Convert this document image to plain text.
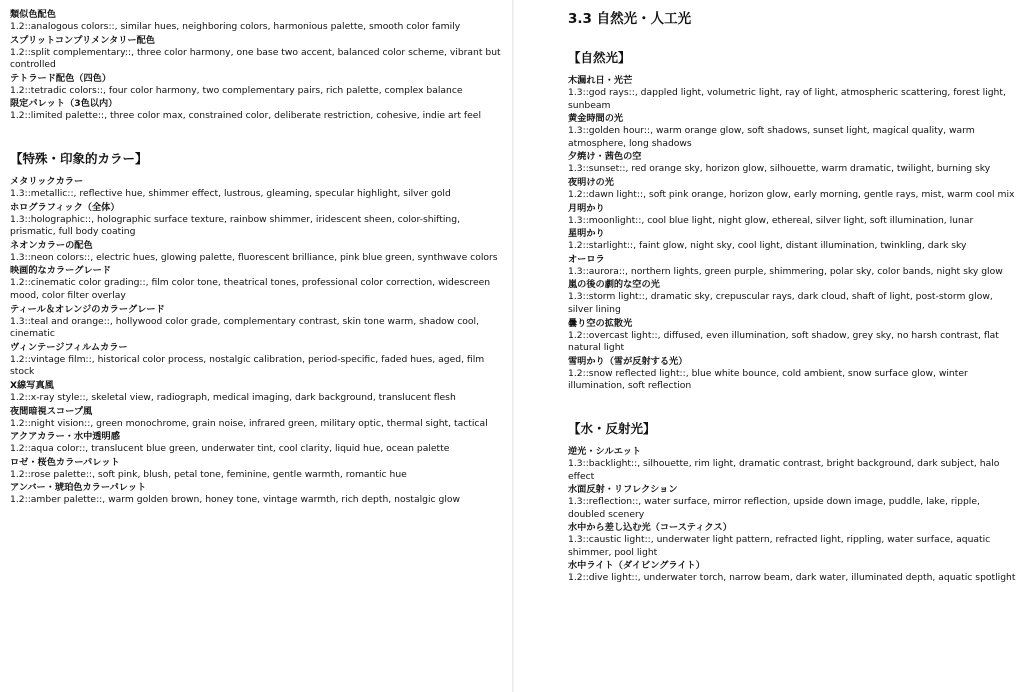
類似色配色
1.2::analogous colors::, similar hues, neighboring colors, harmonious palette, smooth color family
スプリットコンプリメンタリー配色
1.2::split complementary::, three color harmony, one base two accent, balanced color scheme, vibrant but controlled
テトラード配色（四色）
1.2::tetradic colors::, four color harmony, two complementary pairs, rich palette, complex balance
限定パレット（3色以内）
1.2::limited palette::, three color max, constrained color, deliberate restriction, cohesive, indie art feel
【特殊・印象的カラー】
メタリックカラー
1.3::metallic::, reflective hue, shimmer effect, lustrous, gleaming, specular highlight, silver gold
ホログラフィック（全体）
1.3::holographic::, holographic surface texture, rainbow shimmer, iridescent sheen, color-shifting, prismatic, full body coating
ネオンカラーの配色
1.3::neon colors::, electric hues, glowing palette, fluorescent brilliance, pink blue green, synthwave colors
映画的なカラーグレード
1.2::cinematic color grading::, film color tone, theatrical tones, professional color correction, widescreen mood, color filter overlay
ティール＆オレンジのカラーグレード
1.3::teal and orange::, hollywood color grade, complementary contrast, skin tone warm, shadow cool, cinematic
ヴィンテージフィルムカラー
1.2::vintage film::, historical color process, nostalgic calibration, period-specific, faded hues, aged, film stock
X線写真風
1.2::x-ray style::, skeletal view, radiograph, medical imaging, dark background, translucent flesh
夜間暗視スコープ風
1.2::night vision::, green monochrome, grain noise, infrared green, military optic, thermal sight, tactical
アクアカラー・水中透明感
1.2::aqua color::, translucent blue green, underwater tint, cool clarity, liquid hue, ocean palette
ロゼ・桜色カラーパレット
1.2::rose palette::, soft pink, blush, petal tone, feminine, gentle warmth, romantic hue
アンバー・琥珀色カラーパレット
1.2::amber palette::, warm golden brown, honey tone, vintage warmth, rich depth, nostalgic glow
3.3 自然光・人工光
【自然光】
木漏れ日・光芒
1.3::god rays::, dappled light, volumetric light, ray of light, atmospheric scattering, forest light, sunbeam
黄金時間の光
1.3::golden hour::, warm orange glow, soft shadows, sunset light, magical quality, warm atmosphere, long shadows
夕焼け・茜色の空
1.3::sunset::, red orange sky, horizon glow, silhouette, warm dramatic, twilight, burning sky
夜明けの光
1.2::dawn light::, soft pink orange, horizon glow, early morning, gentle rays, mist, warm cool mix
月明かり
1.3::moonlight::, cool blue light, night glow, ethereal, silver light, soft illumination, lunar
星明かり
1.2::starlight::, faint glow, night sky, cool light, distant illumination, twinkling, dark sky
オーロラ
1.3::aurora::, northern lights, green purple, shimmering, polar sky, color bands, night sky glow
嵐の後の劇的な空の光
1.3::storm light::, dramatic sky, crepuscular rays, dark cloud, shaft of light, post-storm glow, silver lining
曇り空の拡散光
1.2::overcast light::, diffused, even illumination, soft shadow, grey sky, no harsh contrast, flat natural light
雪明かり（雪が反射する光）
1.2::snow reflected light::, blue white bounce, cold ambient, snow surface glow, winter illumination, soft reflection
【水・反射光】
逆光・シルエット
1.3::backlight::, silhouette, rim light, dramatic contrast, bright background, dark subject, halo effect
水面反射・リフレクション
1.3::reflection::, water surface, mirror reflection, upside down image, puddle, lake, ripple, doubled scenery
水中から差し込む光（コースティクス）
1.3::caustic light::, underwater light pattern, refracted light, rippling, water surface, aquatic shimmer, pool light
水中ライト（ダイビングライト）
1.2::dive light::, underwater torch, narrow beam, dark water, illuminated depth, aquatic spotlight
